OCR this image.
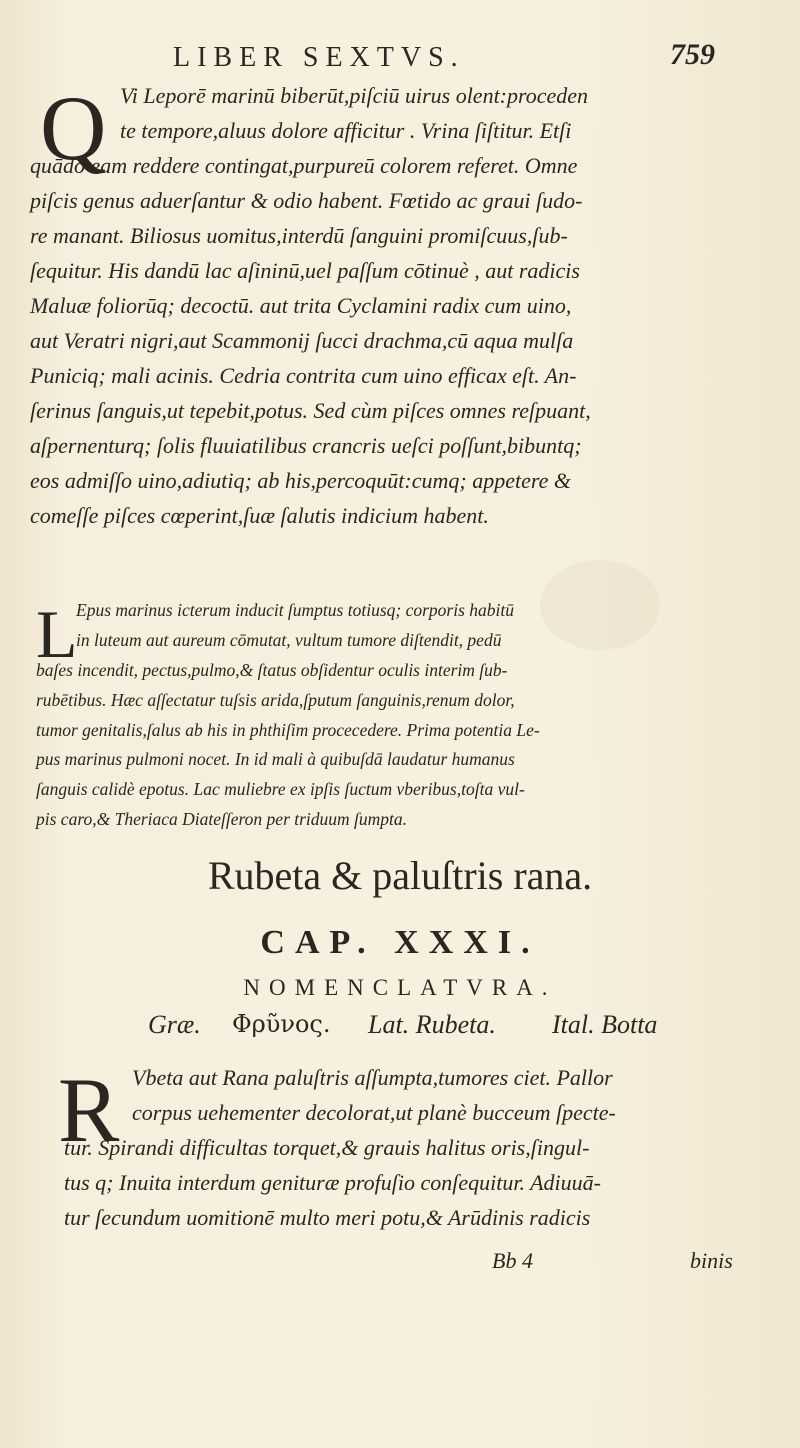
LIBER SEXTVS.	759
Q Vi Leporē marinū biberūt,piſciū uirus olent:proceden
te tempore,aluus dolore afficitur . Vrina ſiſtitur. Etſi
quādo eam reddere contingat,purpureū colorem referet. Omne
piſcis genus aduerſantur & odio habent. Fœtido ac graui ſudo-
re manant. Biliosus uomitus,interdū ſanguini promiſcuus,ſub-
ſequitur. His dandū lac aſininū,uel paſſum cōtinuè , aut radicis
Maluæ foliorūq; decoctū. aut trita Cyclamini radix cum uino,
aut Veratri nigri,aut Scammonij ſucci drachma,cū aqua mulſa
Puniciq; mali acinis. Cedria contrita cum uino efficax eſt. An-
ſerinus ſanguis,ut tepebit,potus. Sed cùm piſces omnes reſpuant,
aſpernenturq; ſolis fluuiatilibus crancris ueſci poſſunt,bibuntq;
eos admiſſo uino,adiutiq; ab his,percoquūt:cumq; appetere &
comeſſe piſces cœperint,ſuæ ſalutis indicium habent.
L
Epus marinus icterum inducit ſumptus totiusq; corporis habitū
in luteum aut aureum cōmutat, vultum tumore diſtendit, pedū
baſes incendit, pectus,pulmo,& ſtatus obſidentur oculis interim ſub-
rubētibus. Hæc aſſectatur tuſsis arida,ſputum ſanguinis,renum dolor,
tumor genitalis,ſalus ab his in phthiſim procecedere. Prima potentia Le-
pus marinus pulmoni nocet. In id mali à quibuſdā laudatur humanus
ſanguis calidè epotus. Lac muliebre ex ipſis ſuctum vberibus,toſta vul-
pis caro,& Theriaca Diateſſeron per triduum ſumpta.
Rubeta & paluſtris rana.
CAP. XXXI.
NOMENCLATVRA.
Græ. Φρῦνος. Lat. Rubeta. Ital. Botta
R Vbeta aut Rana paluſtris aſſumpta,tumores ciet. Pallor
corpus uehementer decolorat,ut planè bucceum ſpecte-
tur. Spirandi difficultas torquet,& grauis halitus oris,ſingul-
tus q; Inuita interdum genituræ profuſio conſequitur. Adiuuā-
tur ſecundum uomitionē multo meri potu,& Arūdinis radicis
Bb 4	binis
